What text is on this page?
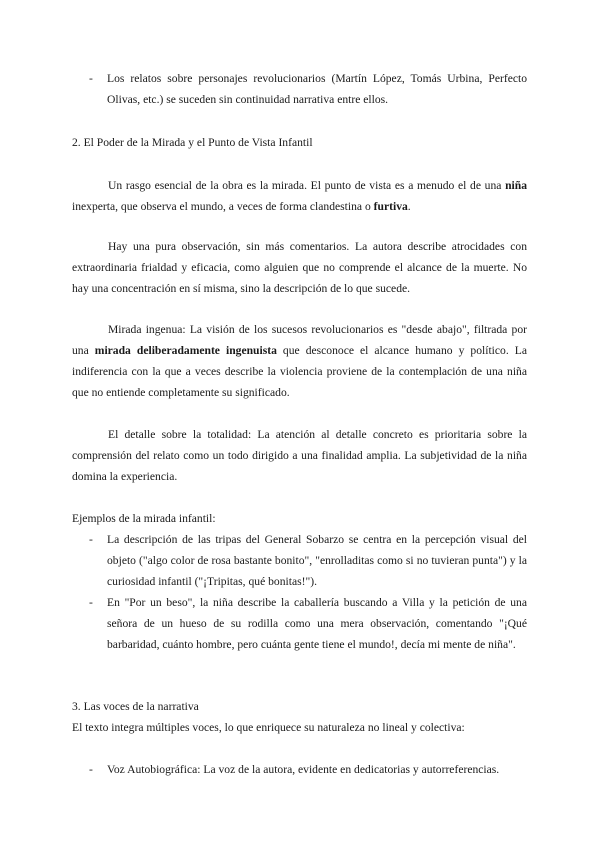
- Los relatos sobre personajes revolucionarios (Martín López, Tomás Urbina, Perfecto Olivas, etc.) se suceden sin continuidad narrativa entre ellos.

2. El Poder de la Mirada y el Punto de Vista Infantil

Un rasgo esencial de la obra es la mirada. El punto de vista es a menudo el de una niña inexperta, que observa el mundo, a veces de forma clandestina o furtiva.

Hay una pura observación, sin más comentarios. La autora describe atrocidades con extraordinaria frialdad y eficacia, como alguien que no comprende el alcance de la muerte. No hay una concentración en sí misma, sino la descripción de lo que sucede.

Mirada ingenua: La visión de los sucesos revolucionarios es "desde abajo", filtrada por una mirada deliberadamente ingenuista que desconoce el alcance humano y político. La indiferencia con la que a veces describe la violencia proviene de la contemplación de una niña que no entiende completamente su significado.

El detalle sobre la totalidad: La atención al detalle concreto es prioritaria sobre la comprensión del relato como un todo dirigido a una finalidad amplia. La subjetividad de la niña domina la experiencia.

Ejemplos de la mirada infantil:

- La descripción de las tripas del General Sobarzo se centra en la percepción visual del objeto ("algo color de rosa bastante bonito", "enrolladitas como si no tuvieran punta") y la curiosidad infantil ("¡Tripitas, qué bonitas!").

- En "Por un beso", la niña describe la caballería buscando a Villa y la petición de una señora de un hueso de su rodilla como una mera observación, comentando "¡Qué barbaridad, cuánto hombre, pero cuánta gente tiene el mundo!, decía mi mente de niña".

3. Las voces de la narrativa

El texto integra múltiples voces, lo que enriquece su naturaleza no lineal y colectiva:

- Voz Autobiográfica: La voz de la autora, evidente en dedicatorias y autorreferencias.
